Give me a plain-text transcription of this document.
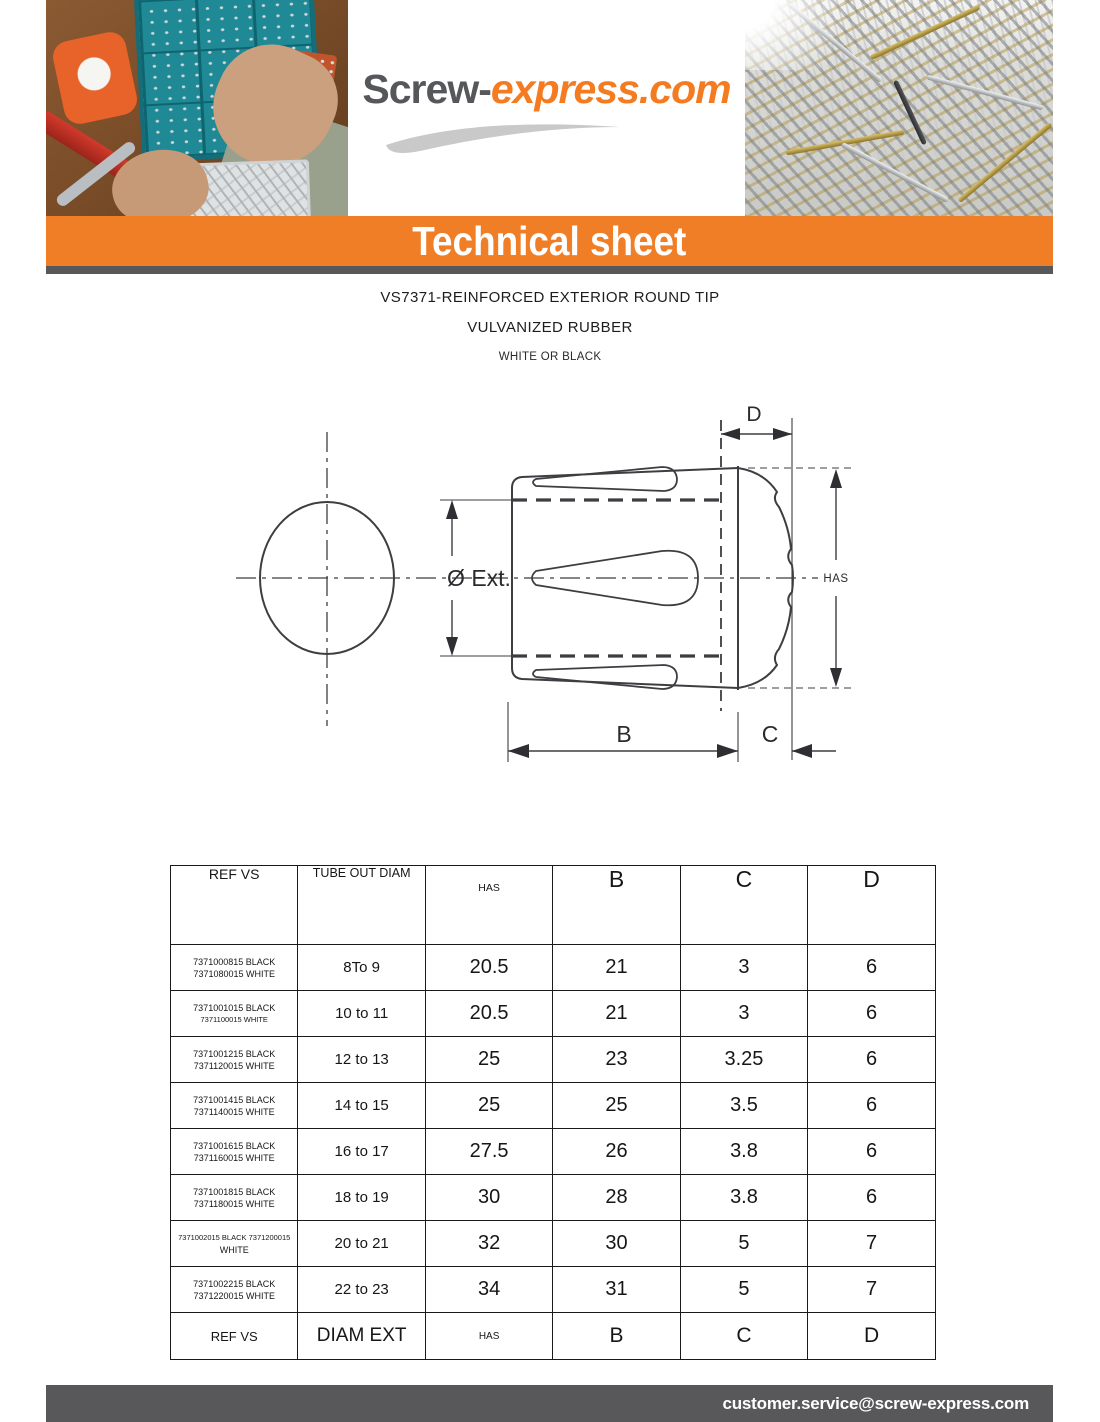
Screw-express.com
Technical sheet
VS7371-REINFORCED EXTERIOR ROUND TIP
VULVANIZED RUBBER
WHITE OR BLACK
Ø Ext.
D
HAS
B	C
REF VS	TUBE OUT DIAM	HAS	B	C	D

7371000815 BLACK
7371080015 WHITE	8To 9	20.5	21	3	6

7371001015 BLACK
7371100015 WHITE	10 to 11	20.5	21	3	6

7371001215 BLACK
7371120015 WHITE	12 to 13	25	23	3.25	6

7371001415 BLACK
7371140015 WHITE	14 to 15	25	25	3.5	6

7371001615 BLACK
7371160015 WHITE	16 to 17	27.5	26	3.8	6

7371001815 BLACK
7371180015 WHITE	18 to 19	30	28	3.8	6

7371002015 BLACK 7371200015
WHITE	20 to 21	32	30	5	7

7371002215 BLACK
7371220015 WHITE	22 to 23	34	31	5	7
REF VS	DIAM EXT	HAS	B	C	D
customer.service@screw-express.com
